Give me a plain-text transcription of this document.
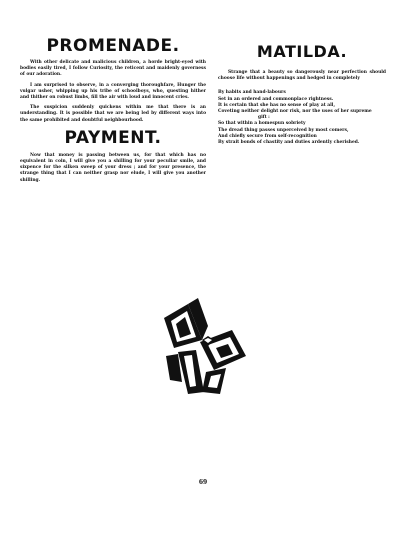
PROMENADE.

With other delicate and malicious children, a horde bright-eyed with bodies easily tired, I follow Curiosity, the reticent and maidenly governess of our adoration.

I am surprised to observe, in a converging thoroughfare, Hunger the vulgar usher, whipping up his tribe of schoolboys, who, questing hither and thither on robust limbs, fill the air with loud and innocent cries.

The suspicion suddenly quickens within me that there is an understanding. It is possible that we are being led by different ways into the same prohibited and doubtful neighbourhood.

PAYMENT.

Now that money is passing between us, for that which has no equivalent in coin, I will give you a shilling for your peculiar smile, and sixpence for the silken sweep of your dress ; and for your presence, the strange thing that I can neither grasp nor elude, I will give you another shilling.

MATILDA.

Strange that a beauty so dangerously near perfection should choose life without happenings and hedged in completely

By habits and hand-labours

Set in an ordered and commonplace rightness.

It is certain that she has no sense of play at all,

Coveting neither delight nor risk, nor the uses of her supreme

gift :

So that within a homespun sobriety

The dread thing passes unperceived by most comers,

And chiefly secure from self-recognition

By strait bonds of chastity and duties ardently cherished.

69
